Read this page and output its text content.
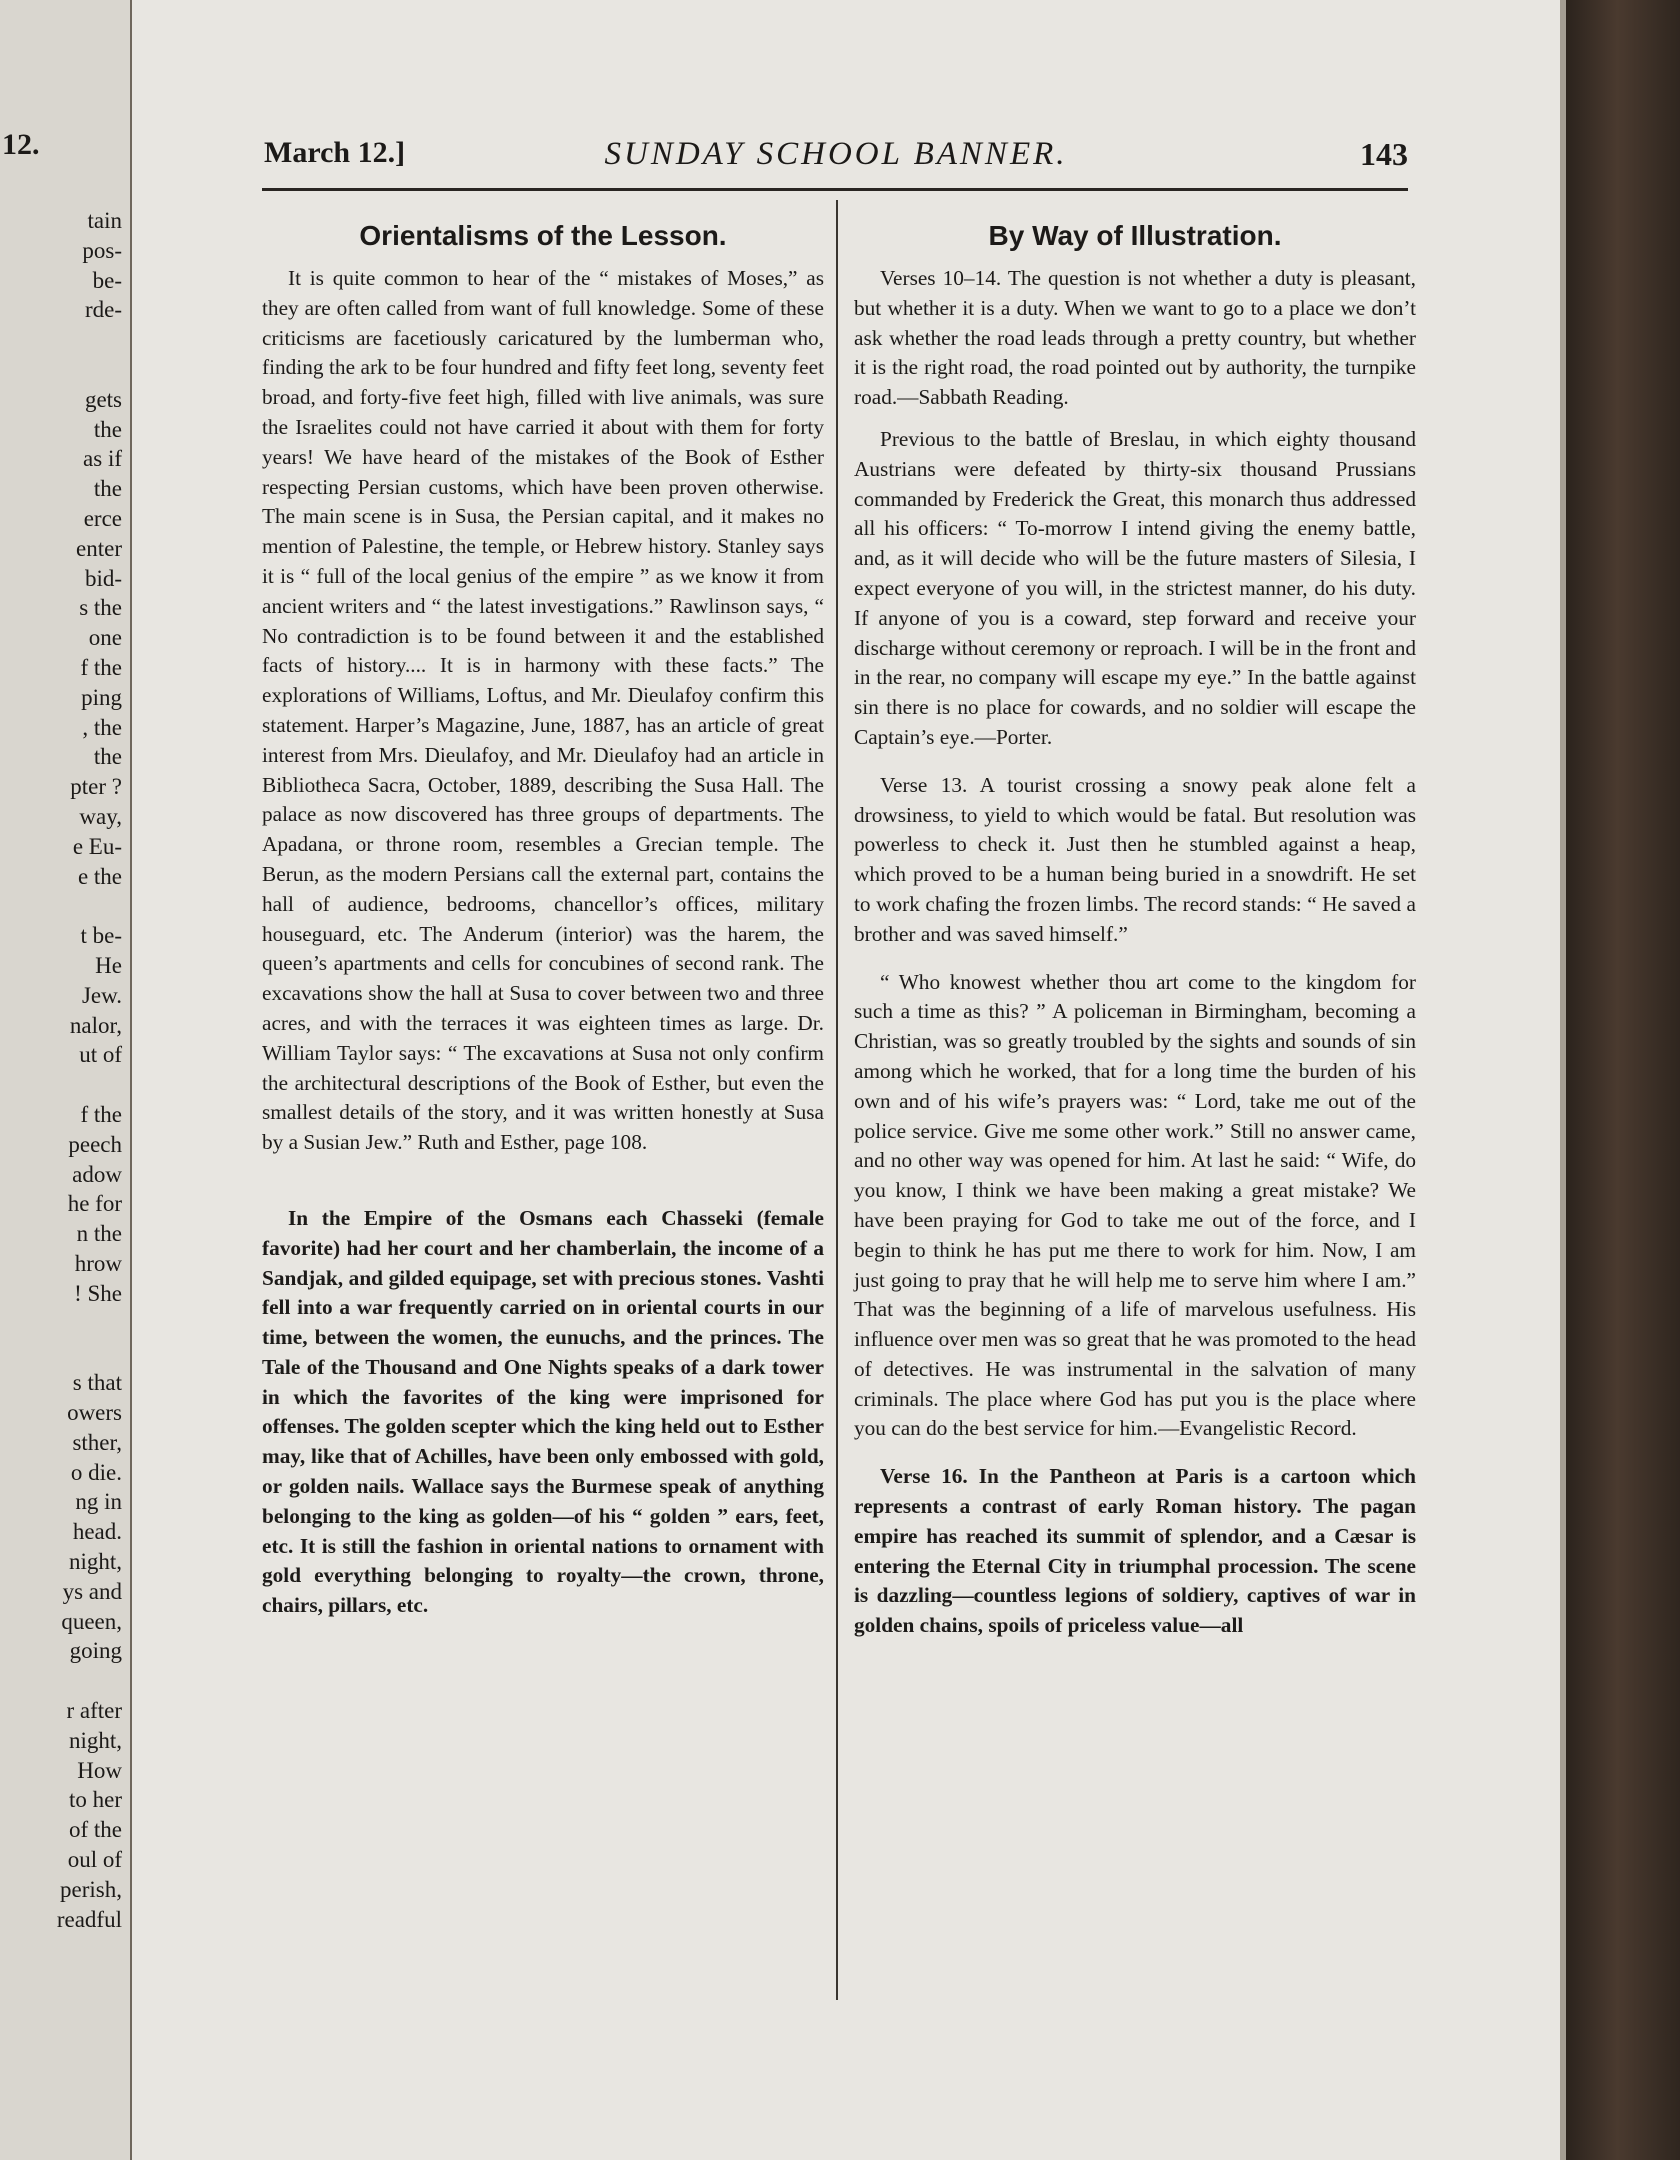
12.
tain
pos-
be-
rde-
gets
the
as if
the
erce
enter
bid-
s the
one
f the
ping
, the
the
pter ?
way,
e Eu-
e the
t be-
He
Jew.
nalor,
ut of
f the
peech
adow
he for
n the
hrow
! She
s that
owers
sther,
o die.
ng in
head.
night,
ys and
queen,
going
r after
night,
How
to her
of the
oul of
perish,
readful
March 12.]	SUNDAY SCHOOL BANNER.	143
Orientalisms of the Lesson.

It is quite common to hear of the “ mistakes of Moses,” as they are often called from want of full knowledge. Some of these criticisms are facetiously caricatured by the lumberman who, finding the ark to be four hundred and fifty feet long, seventy feet broad, and forty-five feet high, filled with live animals, was sure the Israelites could not have carried it about with them for forty years! We have heard of the mistakes of the Book of Esther respecting Persian customs, which have been proven otherwise. The main scene is in Susa, the Persian capital, and it makes no mention of Palestine, the temple, or Hebrew history. Stanley says it is “ full of the local genius of the empire ” as we know it from ancient writers and “ the latest investigations.” Rawlinson says, “ No contradiction is to be found between it and the established facts of history.... It is in harmony with these facts.” The explorations of Williams, Loftus, and Mr. Dieulafoy confirm this statement. Harper’s Magazine, June, 1887, has an article of great interest from Mrs. Dieulafoy, and Mr. Dieulafoy had an article in Bibliotheca Sacra, October, 1889, describing the Susa Hall. The palace as now discovered has three groups of departments. The Apadana, or throne room, resembles a Grecian temple. The Berun, as the modern Persians call the external part, contains the hall of audience, bedrooms, chancellor’s offices, military houseguard, etc. The Anderum (interior) was the harem, the queen’s apartments and cells for concubines of second rank. The excavations show the hall at Susa to cover between two and three acres, and with the terraces it was eighteen times as large. Dr. William Taylor says: “ The excavations at Susa not only confirm the architectural descriptions of the Book of Esther, but even the smallest details of the story, and it was written honestly at Susa by a Susian Jew.” Ruth and Esther, page 108.

In the Empire of the Osmans each Chasseki (female favorite) had her court and her chamberlain, the income of a Sandjak, and gilded equipage, set with precious stones. Vashti fell into a war frequently carried on in oriental courts in our time, between the women, the eunuchs, and the princes. The Tale of the Thousand and One Nights speaks of a dark tower in which the favorites of the king were imprisoned for offenses. The golden scepter which the king held out to Esther may, like that of Achilles, have been only embossed with gold, or golden nails. Wallace says the Burmese speak of anything belonging to the king as golden—of his “ golden ” ears, feet, etc. It is still the fashion in oriental nations to ornament with gold everything belonging to royalty—the crown, throne, chairs, pillars, etc.

By Way of Illustration.

Verses 10–14. The question is not whether a duty is pleasant, but whether it is a duty. When we want to go to a place we don’t ask whether the road leads through a pretty country, but whether it is the right road, the road pointed out by authority, the turnpike road.—Sabbath Reading.

Previous to the battle of Breslau, in which eighty thousand Austrians were defeated by thirty-six thousand Prussians commanded by Frederick the Great, this monarch thus addressed all his officers: “ To-morrow I intend giving the enemy battle, and, as it will decide who will be the future masters of Silesia, I expect everyone of you will, in the strictest manner, do his duty. If anyone of you is a coward, step forward and receive your discharge without ceremony or reproach. I will be in the front and in the rear, no company will escape my eye.” In the battle against sin there is no place for cowards, and no soldier will escape the Captain’s eye.—Porter.

Verse 13. A tourist crossing a snowy peak alone felt a drowsiness, to yield to which would be fatal. But resolution was powerless to check it. Just then he stumbled against a heap, which proved to be a human being buried in a snowdrift. He set to work chafing the frozen limbs. The record stands: “ He saved a brother and was saved himself.”

“ Who knowest whether thou art come to the kingdom for such a time as this? ” A policeman in Birmingham, becoming a Christian, was so greatly troubled by the sights and sounds of sin among which he worked, that for a long time the burden of his own and of his wife’s prayers was: “ Lord, take me out of the police service. Give me some other work.” Still no answer came, and no other way was opened for him. At last he said: “ Wife, do you know, I think we have been making a great mistake? We have been praying for God to take me out of the force, and I begin to think he has put me there to work for him. Now, I am just going to pray that he will help me to serve him where I am.” That was the beginning of a life of marvelous usefulness. His influence over men was so great that he was promoted to the head of detectives. He was instrumental in the salvation of many criminals. The place where God has put you is the place where you can do the best service for him.—Evangelistic Record.

Verse 16. In the Pantheon at Paris is a cartoon which represents a contrast of early Roman history. The pagan empire has reached its summit of splendor, and a Cæsar is entering the Eternal City in triumphal procession. The scene is dazzling—countless legions of soldiery, captives of war in golden chains, spoils of priceless value—all
